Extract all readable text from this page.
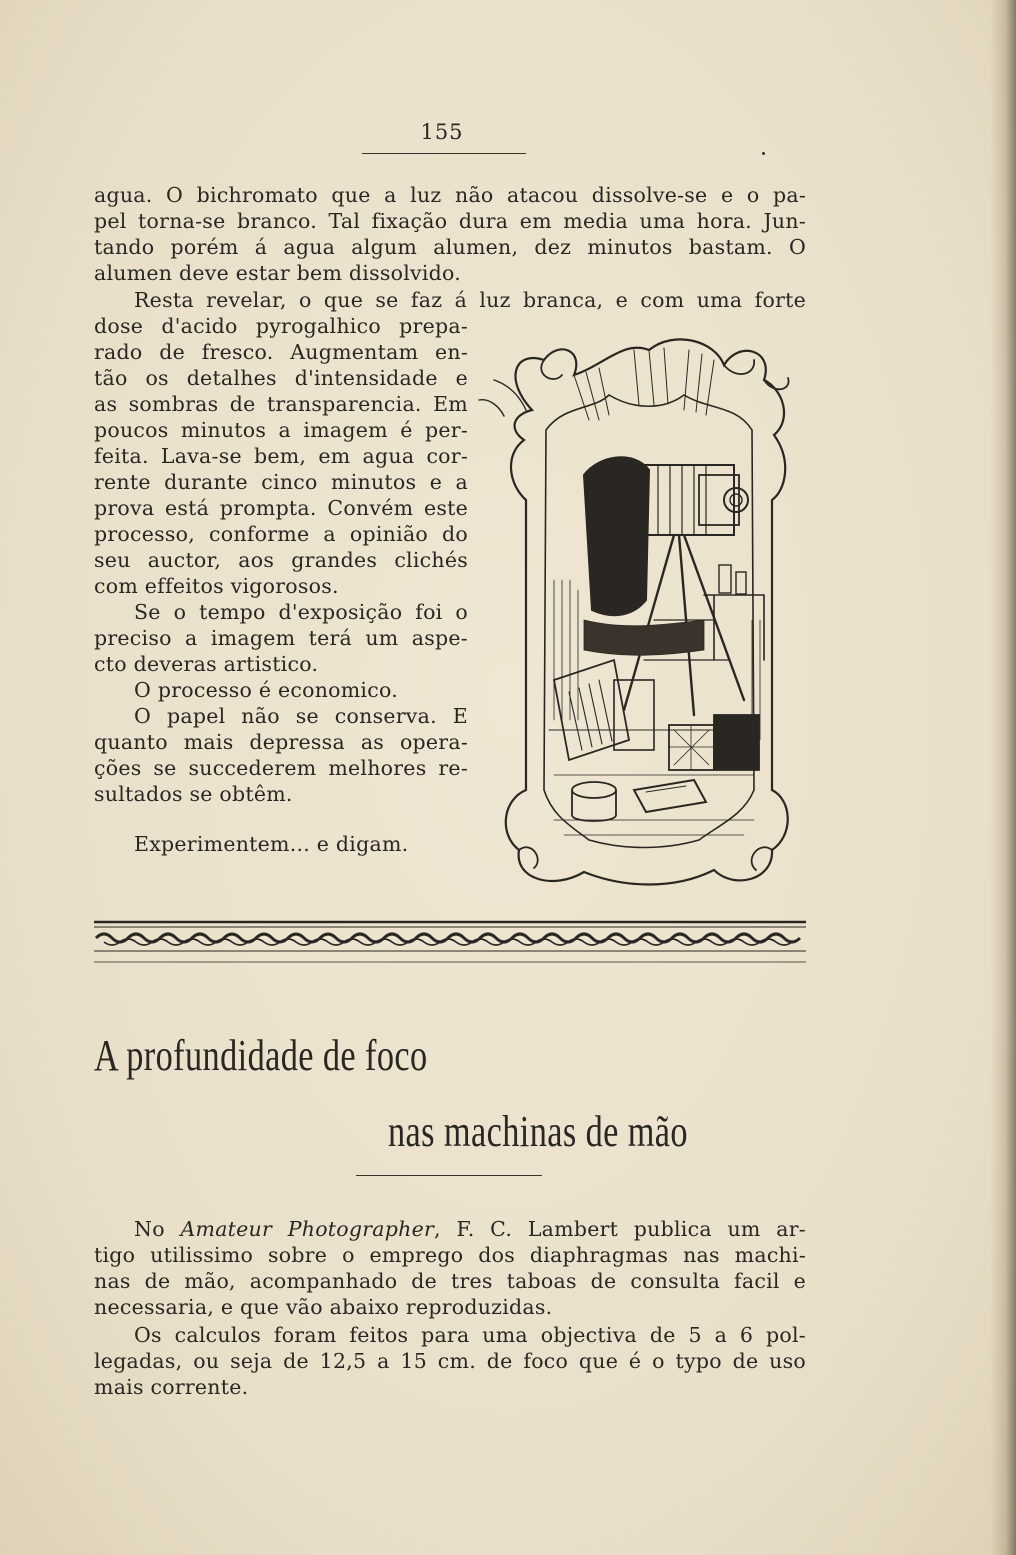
155
agua. O bichromato que a luz não atacou dissolve-se e o pa-
pel torna-se branco. Tal fixação dura em media uma hora. Jun-
tando porém á agua algum alumen, dez minutos bastam. O
alumen deve estar bem dissolvido.
Resta revelar, o que se faz á luz branca, e com uma forte
dose d'acido pyrogalhico prepa-
rado de fresco. Augmentam en-
tão os detalhes d'intensidade e
as sombras de transparencia. Em
poucos minutos a imagem é per-
feita. Lava-se bem, em agua cor-
rente durante cinco minutos e a
prova está prompta. Convém este
processo, conforme a opinião do
seu auctor, aos grandes clichés
com effeitos vigorosos.
Se o tempo d'exposição foi o
preciso a imagem terá um aspe-
cto deveras artistico.
O processo é economico.
O papel não se conserva. E
quanto mais depressa as opera-
ções se succederem melhores re-
sultados se obtêm.
Experimentem... e digam.
A profundidade de foco
nas machinas de mão
No Amateur Photographer, F. C. Lambert publica um ar-
tigo utilissimo sobre o emprego dos diaphragmas nas machi-
nas de mão, acompanhado de tres taboas de consulta facil e
necessaria, e que vão abaixo reproduzidas.
Os calculos foram feitos para uma objectiva de 5 a 6 pol-
legadas, ou seja de 12,5 a 15 cm. de foco que é o typo de uso
mais corrente.
